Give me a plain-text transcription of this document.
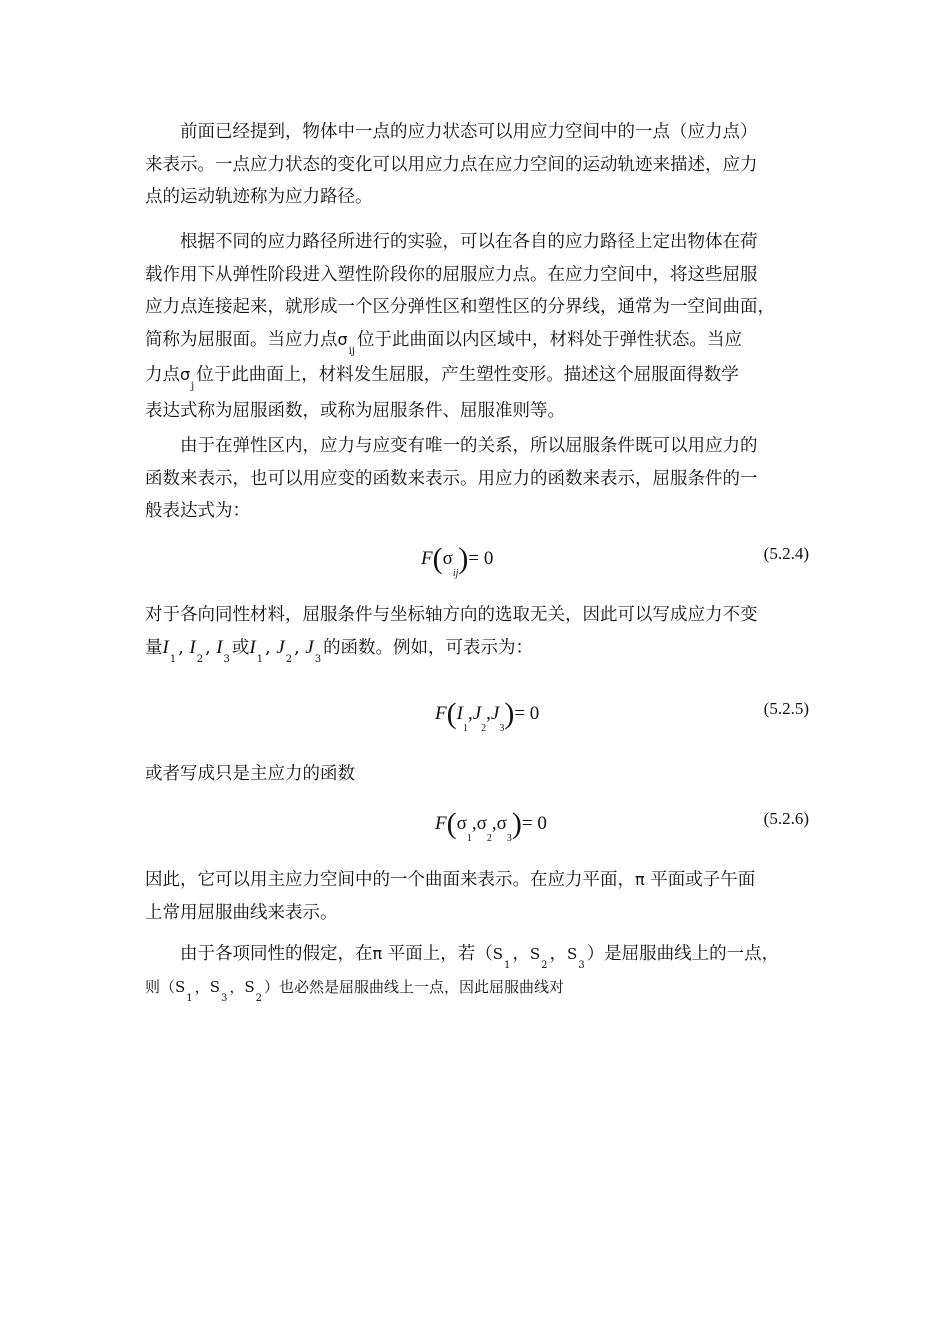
前面已经提到，物体中一点的应力状态可以用应力空间中的一点（应力点）
来表示。一点应力状态的变化可以用应力点在应力空间的运动轨迹来描述，应力
点的运动轨迹称为应力路径。
根据不同的应力路径所进行的实验，可以在各自的应力路径上定出物体在荷
载作用下从弹性阶段进入塑性阶段你的屈服应力点。在应力空间中，将这些屈服
应力点连接起来，就形成一个区分弹性区和塑性区的分界线，通常为一空间曲面，
简称为屈服面。当应力点$\sigma_{ij}$位于此曲面以内区域中，材料处于弹性状态。当应
力点$\sigma_j$位于此曲面上，材料发生屈服，产生塑性变形。描述这个屈服面得数学
表达式称为屈服函数，或称为屈服条件、屈服准则等。
由于在弹性区内，应力与应变有唯一的关系，所以屈服条件既可以用应力的
函数来表示，也可以用应变的函数来表示。用应力的函数来表示，屈服条件的一
般表达式为：
$F(\sigma_{ij})= 0$	(5.2.4)
对于各向同性材料，屈服条件与坐标轴方向的选取无关，因此可以写成应力不变
量$I_1$, $I_2$, $I_3$或$I_1$, $J_2$, $J_3$的函数。例如，可表示为：
$F(I_1,J_2,J_3)= 0$	(5.2.5)
或者写成只是主应力的函数
$F(\sigma_1,\sigma_2,\sigma_3)= 0$	(5.2.6)
因此，它可以用主应力空间中的一个曲面来表示。在应力平面，π 平面或子午面
上常用屈服曲线来表示。
由于各项同性的假定，在π 平面上，若（$S_1$，$S_2$，$S_3$）是屈服曲线上的一点，
则（$S_1$，$S_3$，$S_2$）也必然是屈服曲线上一点，因此屈服曲线对
